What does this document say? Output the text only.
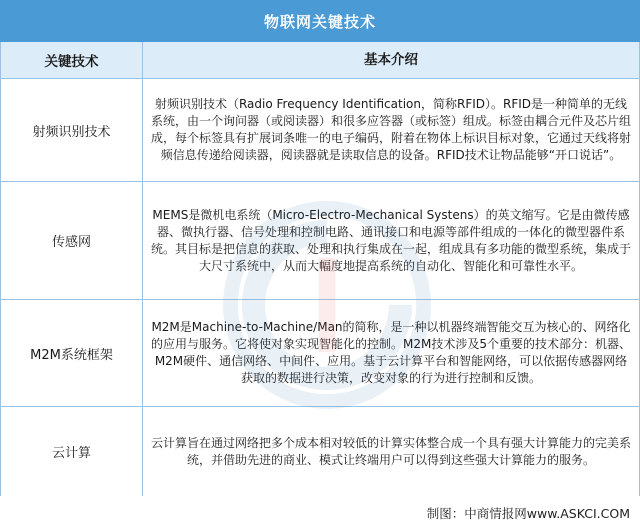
物联网关键技术
关键技术	基本介绍
射频识别技术
射频识别技术（Radio Frequency Identification，简称RFID）。RFID是一种简单的无线系统，由一个询问器（或阅读器）和很多应答器（或标签）组成。标签由耦合元件及芯片组成，每个标签具有扩展词条唯一的电子编码，附着在物体上标识目标对象，它通过天线将射频信息传递给阅读器，阅读器就是读取信息的设备。RFID技术让物品能够“开口说话”。
传感网
MEMS是微机电系统（Micro-Electro-Mechanical Systens）的英文缩写。它是由微传感器、微执行器、信号处理和控制电路、通讯接口和电源等部件组成的一体化的微型器件系统。其目标是把信息的获取、处理和执行集成在一起，组成具有多功能的微型系统，集成于大尺寸系统中，从而大幅度地提高系统的自动化、智能化和可靠性水平。
M2M系统框架
M2M是Machine-to-Machine/Man的简称，是一种以机器终端智能交互为核心的、网络化的应用与服务。它将使对象实现智能化的控制。M2M技术涉及5个重要的技术部分：机器、M2M硬件、通信网络、中间件、应用。基于云计算平台和智能网络，可以依据传感器网络获取的数据进行决策，改变对象的行为进行控制和反馈。
云计算
云计算旨在通过网络把多个成本相对较低的计算实体整合成一个具有强大计算能力的完美系统，并借助先进的商业、模式让终端用户可以得到这些强大计算能力的服务。
制图：中商情报网www.ASKCI.COM
